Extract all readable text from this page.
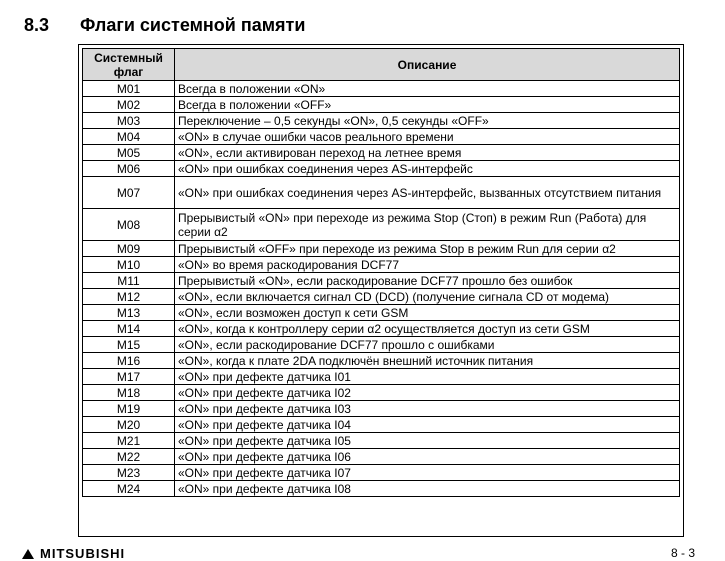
8.3	Флаги системной памяти
Системный флаг	Описание
M01	Всегда в положении «ON»
M02	Всегда в положении «OFF»
M03	Переключение – 0,5 секунды «ON», 0,5 секунды «OFF»
M04	«ON» в случае ошибки часов реального времени
M05	«ON», если активирован переход на летнее время
M06	«ON» при ошибках соединения через AS-интерфейс
M07	«ON» при ошибках соединения через AS-интерфейс, вызванных отсутствием питания
M08	Прерывистый «ON» при переходе из режима Stop (Стоп) в режим Run (Работа) для серии α2
M09	Прерывистый «OFF» при переходе из режима Stop в режим Run для серии α2
M10	«ON» во время раскодирования DCF77
M11	Прерывистый «ON», если раскодирование DCF77 прошло без ошибок
M12	«ON», если включается сигнал CD (DCD) (получение сигнала CD от модема)
M13	«ON», если возможен доступ к сети GSM
M14	«ON», когда к контроллеру серии α2 осуществляется доступ из сети GSM
M15	«ON», если раскодирование DCF77 прошло с ошибками
M16	«ON», когда к плате 2DA подключён внешний источник питания
M17	«ON» при дефекте датчика I01
M18	«ON» при дефекте датчика I02
M19	«ON» при дефекте датчика I03
M20	«ON» при дефекте датчика I04
M21	«ON» при дефекте датчика I05
M22	«ON» при дефекте датчика I06
M23	«ON» при дефекте датчика I07
M24	«ON» при дефекте датчика I08
MITSUBISHI	8 - 3
